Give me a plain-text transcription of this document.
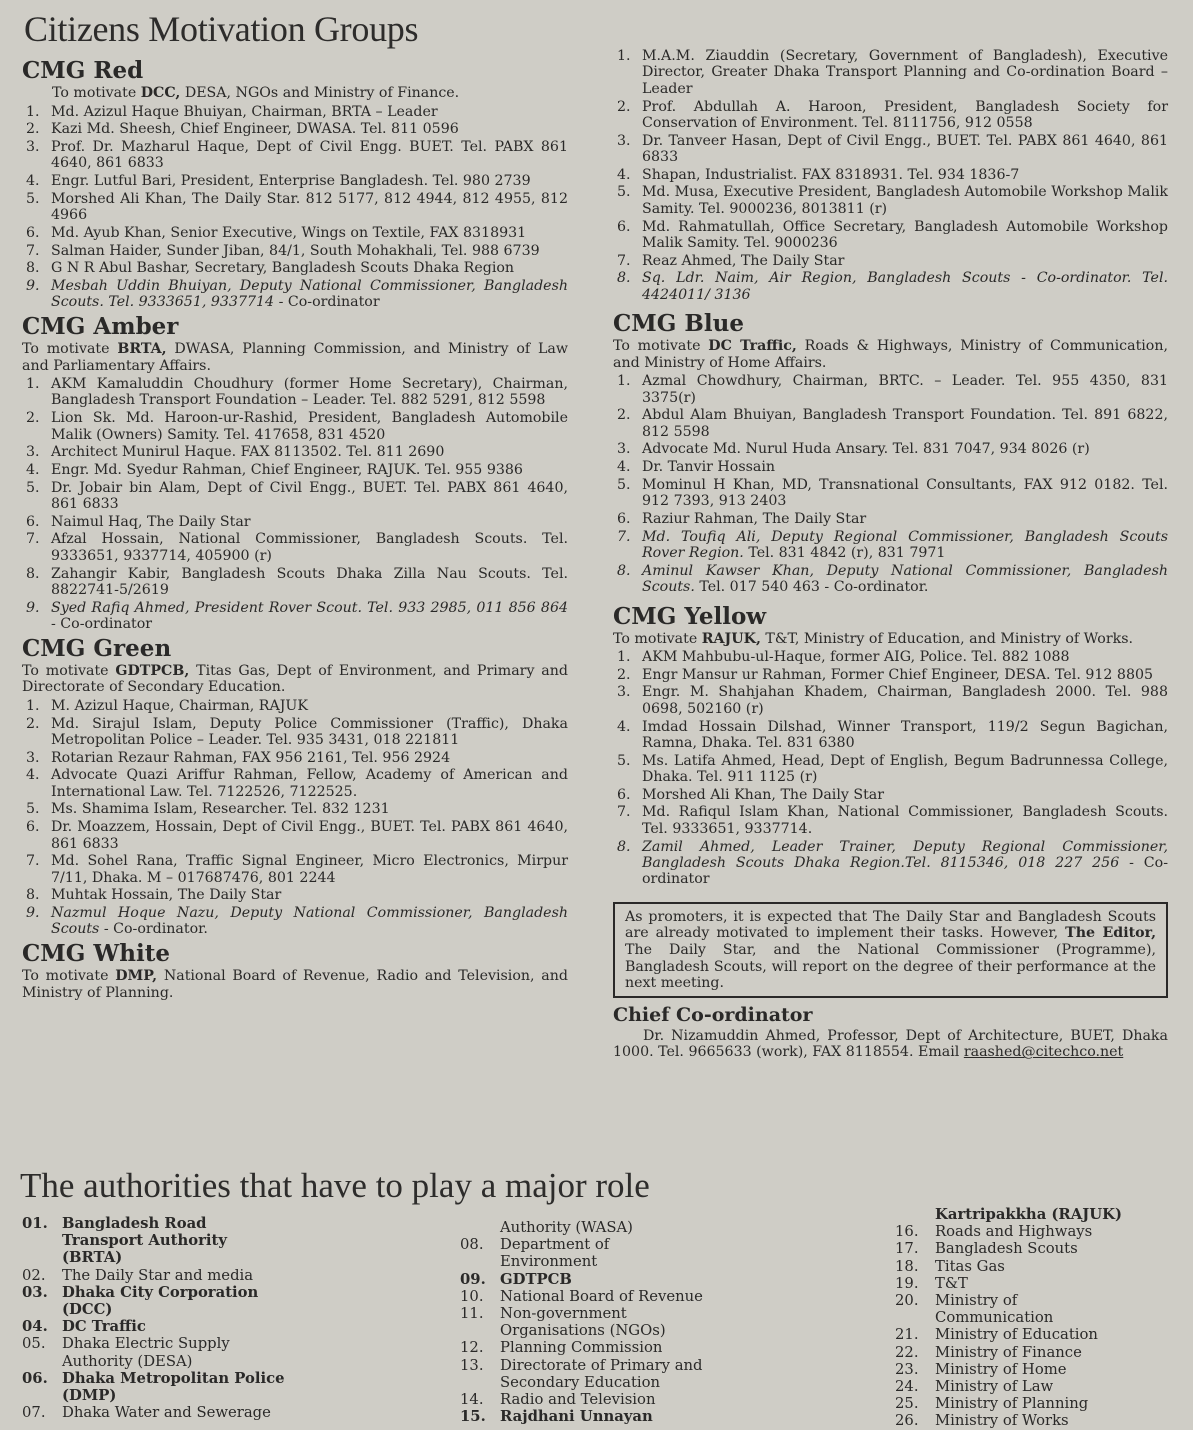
Citizens Motivation Groups
CMG Red

To motivate DCC, DESA, NGOs and Ministry of Finance.

1. Md. Azizul Haque Bhuiyan, Chairman, BRTA – Leader
2. Kazi Md. Sheesh, Chief Engineer, DWASA. Tel. 811 0596
3. Prof. Dr. Mazharul Haque, Dept of Civil Engg. BUET. Tel. PABX 861 4640, 861 6833
4. Engr. Lutful Bari, President, Enterprise Bangladesh. Tel. 980 2739
5. Morshed Ali Khan, The Daily Star. 812 5177, 812 4944, 812 4955, 812 4966
6. Md. Ayub Khan, Senior Executive, Wings on Textile, FAX 8318931
7. Salman Haider, Sunder Jiban, 84/1, South Mohakhali, Tel. 988 6739
8. G N R Abul Bashar, Secretary, Bangladesh Scouts Dhaka Region
9. Mesbah Uddin Bhuiyan, Deputy National Commissioner, Bangladesh Scouts. Tel. 9333651, 9337714 - Co-ordinator
CMG Amber

To motivate BRTA, DWASA, Planning Commission, and Ministry of Law and Parliamentary Affairs.

1. AKM Kamaluddin Choudhury (former Home Secretary), Chairman, Bangladesh Transport Foundation – Leader. Tel. 882 5291, 812 5598
2. Lion Sk. Md. Haroon-ur-Rashid, President, Bangladesh Automobile Malik (Owners) Samity. Tel. 417658, 831 4520
3. Architect Munirul Haque. FAX 8113502. Tel. 811 2690
4. Engr. Md. Syedur Rahman, Chief Engineer, RAJUK. Tel. 955 9386
5. Dr. Jobair bin Alam, Dept of Civil Engg., BUET. Tel. PABX 861 4640, 861 6833
6. Naimul Haq, The Daily Star
7. Afzal Hossain, National Commissioner, Bangladesh Scouts. Tel. 9333651, 9337714, 405900 (r)
8. Zahangir Kabir, Bangladesh Scouts Dhaka Zilla Nau Scouts. Tel. 8822741-5/2619
9. Syed Rafiq Ahmed, President Rover Scout. Tel. 933 2985, 011 856 864 - Co-ordinator
CMG Green

To motivate GDTPCB, Titas Gas, Dept of Environment, and Primary and Directorate of Secondary Education.

1. M. Azizul Haque, Chairman, RAJUK
2. Md. Sirajul Islam, Deputy Police Commissioner (Traffic), Dhaka Metropolitan Police – Leader. Tel. 935 3431, 018 221811
3. Rotarian Rezaur Rahman, FAX 956 2161, Tel. 956 2924
4. Advocate Quazi Ariffur Rahman, Fellow, Academy of American and International Law. Tel. 7122526, 7122525.
5. Ms. Shamima Islam, Researcher. Tel. 832 1231
6. Dr. Moazzem, Hossain, Dept of Civil Engg., BUET. Tel. PABX 861 4640, 861 6833
7. Md. Sohel Rana, Traffic Signal Engineer, Micro Electronics, Mirpur 7/11, Dhaka. M – 017687476, 801 2244
8. Muhtak Hossain, The Daily Star
9. Nazmul Hoque Nazu, Deputy National Commissioner, Bangladesh Scouts - Co-ordinator.
CMG White

To motivate DMP, National Board of Revenue, Radio and Television, and Ministry of Planning.

1. M.A.M. Ziauddin (Secretary, Government of Bangladesh), Executive Director, Greater Dhaka Transport Planning and Co-ordination Board – Leader
2. Prof. Abdullah A. Haroon, President, Bangladesh Society for Conservation of Environment. Tel. 8111756, 912 0558
3. Dr. Tanveer Hasan, Dept of Civil Engg., BUET. Tel. PABX 861 4640, 861 6833
4. Shapan, Industrialist. FAX 8318931. Tel. 934 1836-7
5. Md. Musa, Executive President, Bangladesh Automobile Workshop Malik Samity. Tel. 9000236, 8013811 (r)
6. Md. Rahmatullah, Office Secretary, Bangladesh Automobile Workshop Malik Samity. Tel. 9000236
7. Reaz Ahmed, The Daily Star
8. Sq. Ldr. Naim, Air Region, Bangladesh Scouts - Co-ordinator. Tel. 4424011/ 3136
CMG Blue

To motivate DC Traffic, Roads & Highways, Ministry of Communication, and Ministry of Home Affairs.

1. Azmal Chowdhury, Chairman, BRTC. – Leader. Tel. 955 4350, 831 3375(r)
2. Abdul Alam Bhuiyan, Bangladesh Transport Foundation. Tel. 891 6822, 812 5598
3. Advocate Md. Nurul Huda Ansary. Tel. 831 7047, 934 8026 (r)
4. Dr. Tanvir Hossain
5. Mominul H Khan, MD, Transnational Consultants, FAX 912 0182. Tel. 912 7393, 913 2403
6. Raziur Rahman, The Daily Star
7. Md. Toufiq Ali, Deputy Regional Commissioner, Bangladesh Scouts Rover Region. Tel. 831 4842 (r), 831 7971
8. Aminul Kawser Khan, Deputy National Commissioner, Bangladesh Scouts. Tel. 017 540 463 - Co-ordinator.
CMG Yellow

To motivate RAJUK, T&T, Ministry of Education, and Ministry of Works.

1. AKM Mahbubu-ul-Haque, former AIG, Police. Tel. 882 1088
2. Engr Mansur ur Rahman, Former Chief Engineer, DESA. Tel. 912 8805
3. Engr. M. Shahjahan Khadem, Chairman, Bangladesh 2000. Tel. 988 0698, 502160 (r)
4. Imdad Hossain Dilshad, Winner Transport, 119/2 Segun Bagichan, Ramna, Dhaka. Tel. 831 6380
5. Ms. Latifa Ahmed, Head, Dept of English, Begum Badrunnessa College, Dhaka. Tel. 911 1125 (r)
6. Morshed Ali Khan, The Daily Star
7. Md. Rafiqul Islam Khan, National Commissioner, Bangladesh Scouts. Tel. 9333651, 9337714.
8. Zamil Ahmed, Leader Trainer, Deputy Regional Commissioner, Bangladesh Scouts Dhaka Region.Tel. 8115346, 018 227 256 - Co-ordinator
As promoters, it is expected that The Daily Star and Bangladesh Scouts are already motivated to implement their tasks. However, The Editor, The Daily Star, and the National Commissioner (Programme), Bangladesh Scouts, will report on the degree of their performance at the next meeting.
Chief Co-ordinator

Dr. Nizamuddin Ahmed, Professor, Dept of Architecture, BUET, Dhaka 1000. Tel. 9665633 (work), FAX 8118554. Email raashed@citechco.net

The authorities that have to play a major role
01. Bangladesh Road
Transport Authority
(BRTA)
02. The Daily Star and media
03. Dhaka City Corporation
(DCC)
04. DC Traffic
05. Dhaka Electric Supply
Authority (DESA)
06. Dhaka Metropolitan Police
(DMP)
07. Dhaka Water and Sewerage
Authority (WASA)
08. Department of
Environment
09. GDTPCB
10. National Board of Revenue
11. Non-government
Organisations (NGOs)
12. Planning Commission
13. Directorate of Primary and
Secondary Education
14. Radio and Television
15. Rajdhani Unnayan
Kartripakkha (RAJUK)
16. Roads and Highways
17. Bangladesh Scouts
18. Titas Gas
19. T&T
20. Ministry of
Communication
21. Ministry of Education
22. Ministry of Finance
23. Ministry of Home
24. Ministry of Law
25. Ministry of Planning
26. Ministry of Works
